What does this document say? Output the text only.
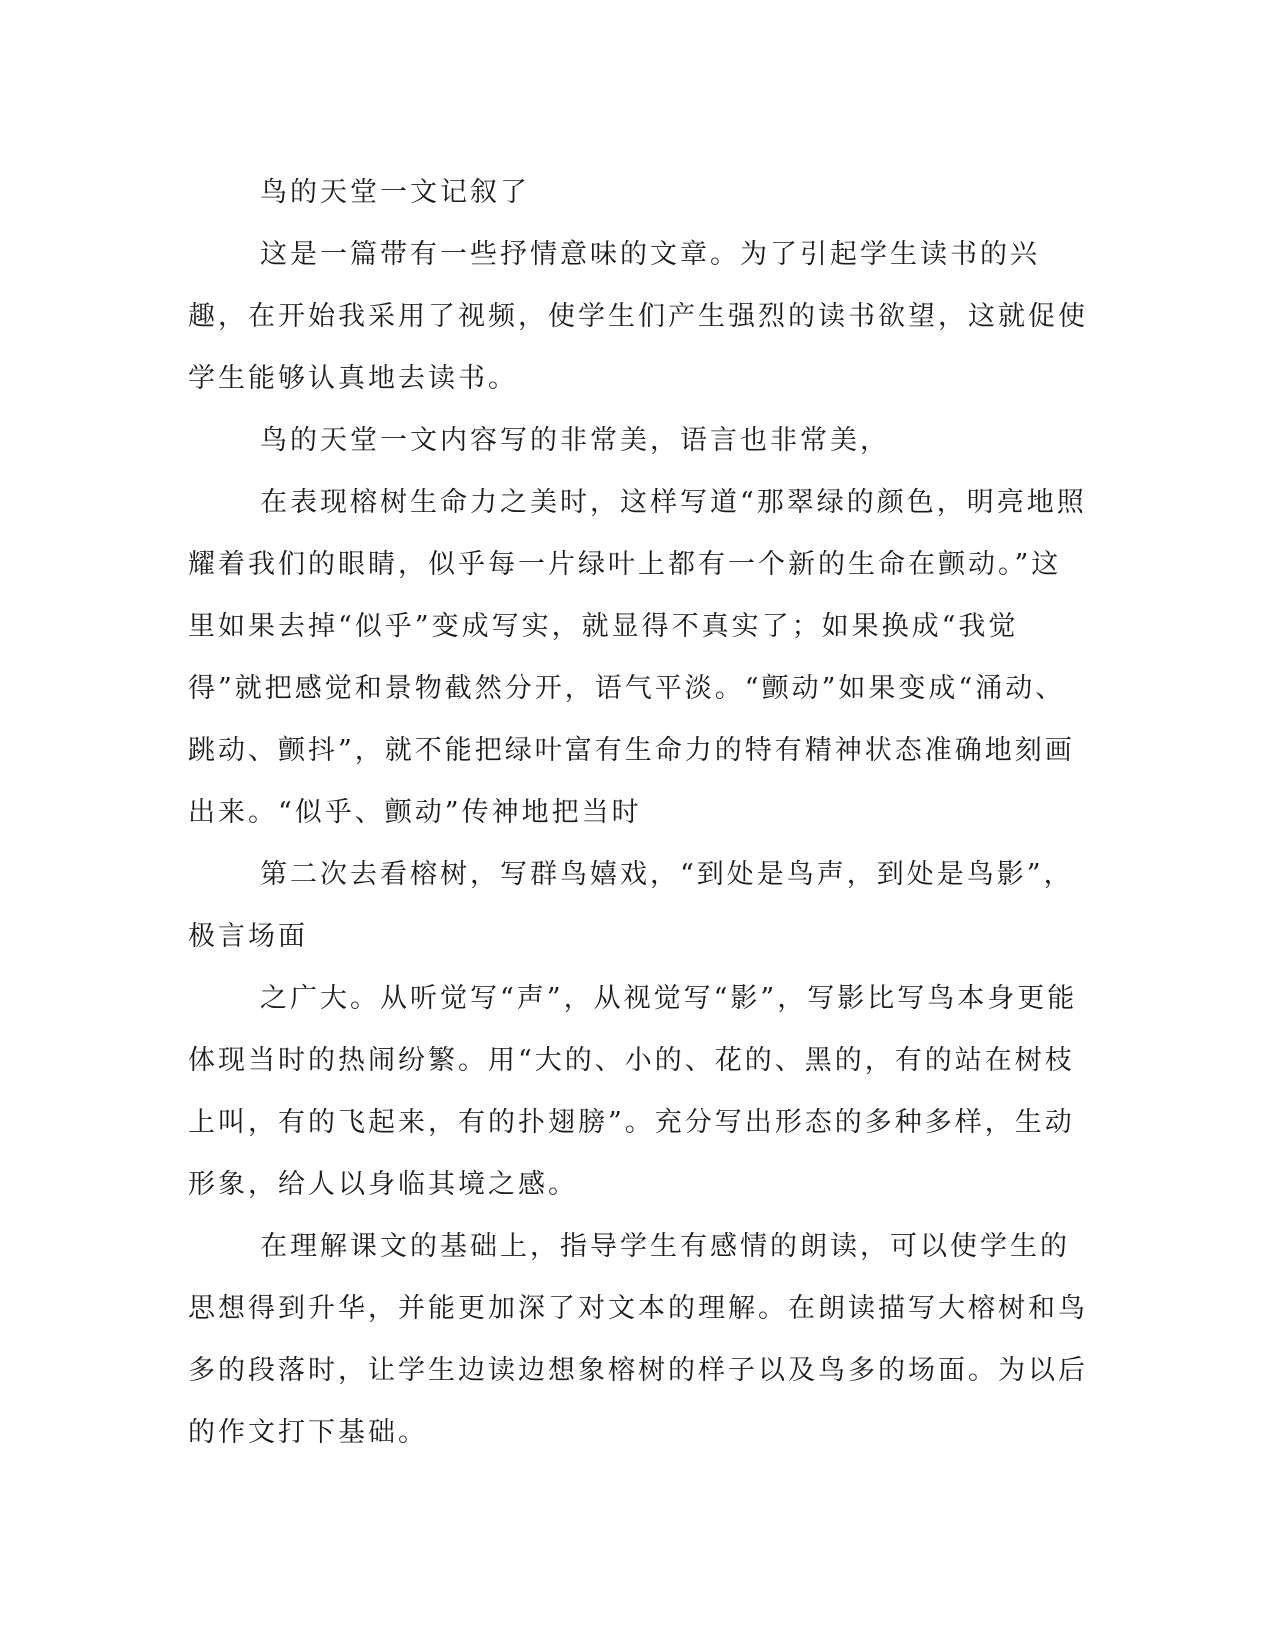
鸟的天堂一文记叙了

这是一篇带有一些抒情意味的文章。为了引起学生读书的兴趣，在开始我采用了视频，使学生们产生强烈的读书欲望，这就促使学生能够认真地去读书。

鸟的天堂一文内容写的非常美，语言也非常美，

在表现榕树生命力之美时，这样写道“那翠绿的颜色，明亮地照耀着我们的眼睛，似乎每一片绿叶上都有一个新的生命在颤动。”这里如果去掉“似乎”变成写实，就显得不真实了；如果换成“我觉得”就把感觉和景物截然分开，语气平淡。“颤动”如果变成“涌动、跳动、颤抖”，就不能把绿叶富有生命力的特有精神状态准确地刻画出来。“似乎、颤动”传神地把当时

第二次去看榕树，写群鸟嬉戏，“到处是鸟声，到处是鸟影”，极言场面

之广大。从听觉写“声”，从视觉写“影”，写影比写鸟本身更能体现当时的热闹纷繁。用“大的、小的、花的、黑的，有的站在树枝上叫，有的飞起来，有的扑翅膀”。充分写出形态的多种多样，生动形象，给人以身临其境之感。

在理解课文的基础上，指导学生有感情的朗读，可以使学生的思想得到升华，并能更加深了对文本的理解。在朗读描写大榕树和鸟多的段落时，让学生边读边想象榕树的样子以及鸟多的场面。为以后的作文打下基础。
